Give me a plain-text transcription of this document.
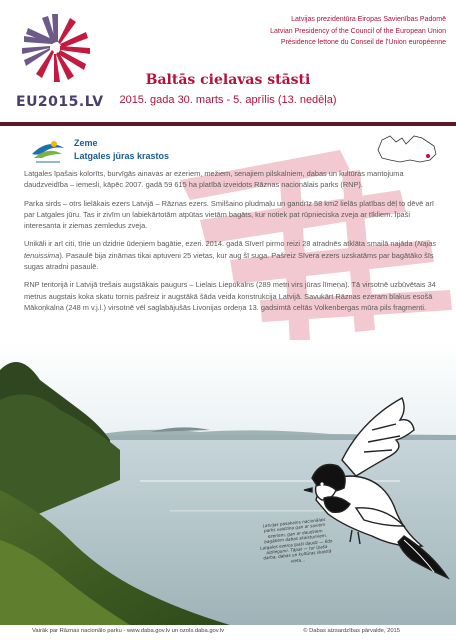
EU2015.LV
Latvijas prezidentūra Eiropas Savienības Padomē
Latvian Presidency of the Council of the European Union
Présidence lettone du Conseil de l'Union européenne
Baltās cielavas stāsti
2015. gada 30. marts - 5. aprīlis (13. nedēļa)
Zeme
Latgales jūras krastos

Latgales īpašais kolorīts, burvīgās ainavas ar ezeriem, mežiem, senajiem pilskalniem, dabas un kultūras mantojuma daudzveidība – iemesli, kāpēc 2007. gadā 59 615 ha platībā izveidots Rāznas nacionālais parks (RNP).

Parka sirds – otrs lielākais ezers Latvijā – Rāznas ezers. Smilšaino pludmaļu un gandrīz 58 km2 lielās platības dēļ to dēvē arī par Latgales jūru. Tas ir zivīm un labiekārtotām atpūtas vietām bagāts, kur notiek pat rūpnieciska zveja ar tīkliem. Īpaši interesanta ir ziemas zemledus zveja.

Unikāli ir arī citi, tīrie un dzidrie ūdeņiem bagātie, ezeri. 2014. gadā Sīverī pirmo reizi 28 atradnēs atklāta smailā najāda (Najas tenuissima). Pasaulē bija zināmas tikai aptuveni 25 vietas, kur aug šī suga. Pašreiz Sīvera ezers uzskatāms par bagātāko šīs sugas atradni pasaulē.

RNP teritorijā ir Latvijā trešais augstākais paugurs – Lielais Liepukalns (289 metri virs jūras līmeņa). Tā virsotnē uzbūvētais 34 metrus augstais koka skatu tornis pašreiz ir augstākā šāda veida konstrukcija Latvijā. Savukārt Rāznas ezeram blakus esošā Mākoņkalna (248 m v.j.l.) virsotnē vēl saglabājušās Livonijas ordeņa 13. gadsimtā celtās Volkenbergas mūra pils fragmenti.

Latvijas pasakains nacionālais parks vaidzina gan ar saviem ezeriem, gan ar daudziem bagātiem dabas skaistumiem. Latgales ezeros īpaši daudz — ēdo aizliegumi. Tāpat — tur īpaša darba, dabas un kultūras skaistā vieta…
Vairāk par Rāznas nacionālo parku - www.daba.gov.lv un ozols.daba.gov.lv	© Dabas aizsardzības pārvalde, 2015
